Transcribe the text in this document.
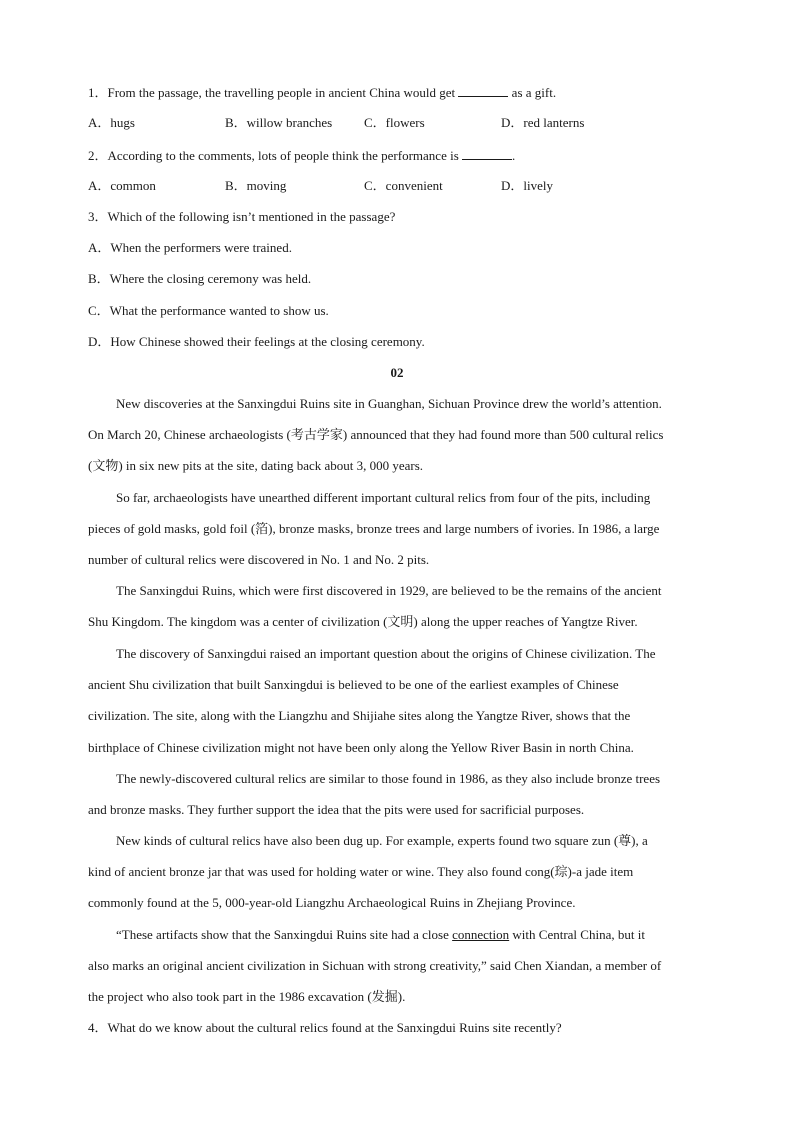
1．From the passage, the travelling people in ancient China would get	as a gift.
A．hugs	B．willow branches C．flowers	D．red lanterns
2．According to the comments, lots of people think the performance is	.
A．common	B．moving	C．convenient	D．lively
3．Which of the following isn’t mentioned in the passage?
A．When the performers were trained.
B．Where the closing ceremony was held.
C．What the performance wanted to show us.
D．How Chinese showed their feelings at the closing ceremony.
02
New discoveries at the Sanxingdui Ruins site in Guanghan, Sichuan Province drew the world’s attention.
On March 20, Chinese archaeologists (考古学家) announced that they had found more than 500 cultural relics
(文物) in six new pits at the site, dating back about 3, 000 years.
So far, archaeologists have unearthed different important cultural relics from four of the pits, including
pieces of gold masks, gold foil (箔), bronze masks, bronze trees and large numbers of ivories. In 1986, a large
number of cultural relics were discovered in No. 1 and No. 2 pits.
The Sanxingdui Ruins, which were first discovered in 1929, are believed to be the remains of the ancient
Shu Kingdom. The kingdom was a center of civilization (文明) along the upper reaches of Yangtze River.
The discovery of Sanxingdui raised an important question about the origins of Chinese civilization. The
ancient Shu civilization that built Sanxingdui is believed to be one of the earliest examples of Chinese
civilization. The site, along with the Liangzhu and Shijiahe sites along the Yangtze River, shows that the
birthplace of Chinese civilization might not have been only along the Yellow River Basin in north China.
The newly-discovered cultural relics are similar to those found in 1986, as they also include bronze trees
and bronze masks. They further support the idea that the pits were used for sacrificial purposes.
New kinds of cultural relics have also been dug up. For example, experts found two square zun (尊), a
kind of ancient bronze jar that was used for holding water or wine. They also found cong(琮)-a jade item
commonly found at the 5, 000-year-old Liangzhu Archaeological Ruins in Zhejiang Province.
“These artifacts show that the Sanxingdui Ruins site had a close connection with Central China, but it
also marks an original ancient civilization in Sichuan with strong creativity,” said Chen Xiandan, a member of
the project who also took part in the 1986 excavation (发掘).
4．What do we know about the cultural relics found at the Sanxingdui Ruins site recently?
